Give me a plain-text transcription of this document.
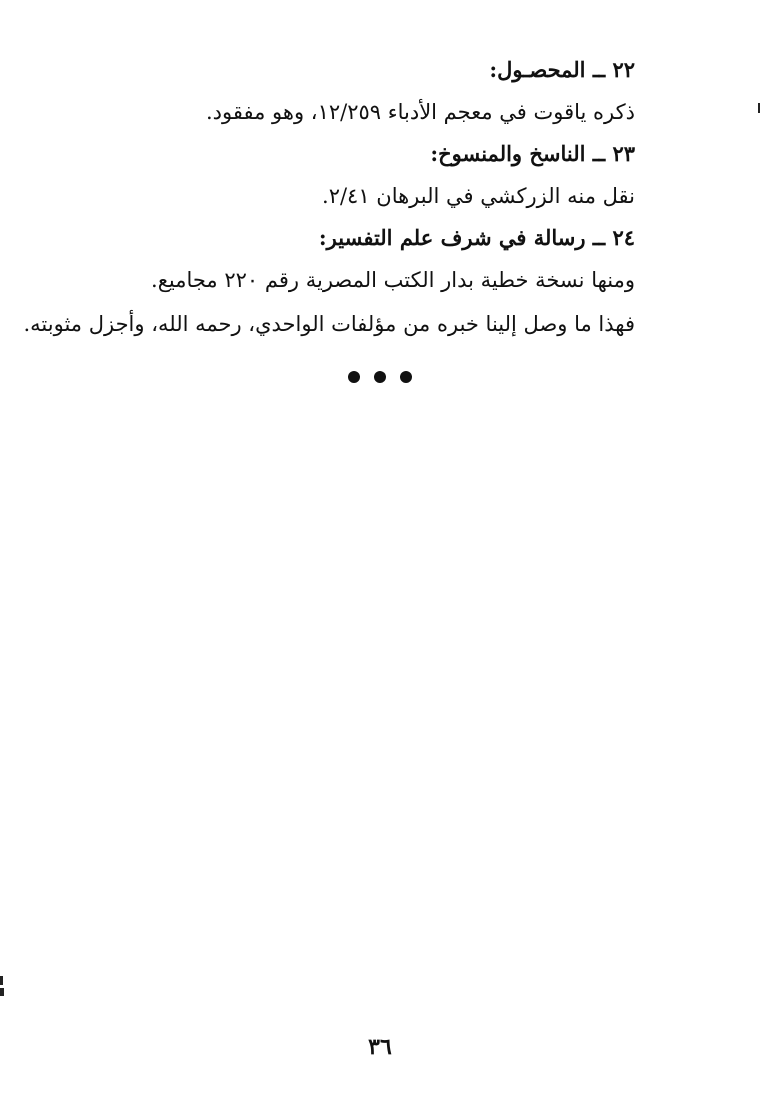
٢٢ ــ المحصـول:
ذكره ياقوت في معجم الأدباء ١٢/٢٥٩، وهو مفقود.
٢٣ ــ الناسخ والمنسوخ:
نقل منه الزركشي في البرهان ٢/٤١.
٢٤ ــ رسالة في شرف علم التفسير:
ومنها نسخة خطية بدار الكتب المصرية رقم ٢٢٠ مجاميع.
فهذا ما وصل إلينا خبره من مؤلفات الواحدي، رحمه الله، وأجزل مثوبته.
٣٦
